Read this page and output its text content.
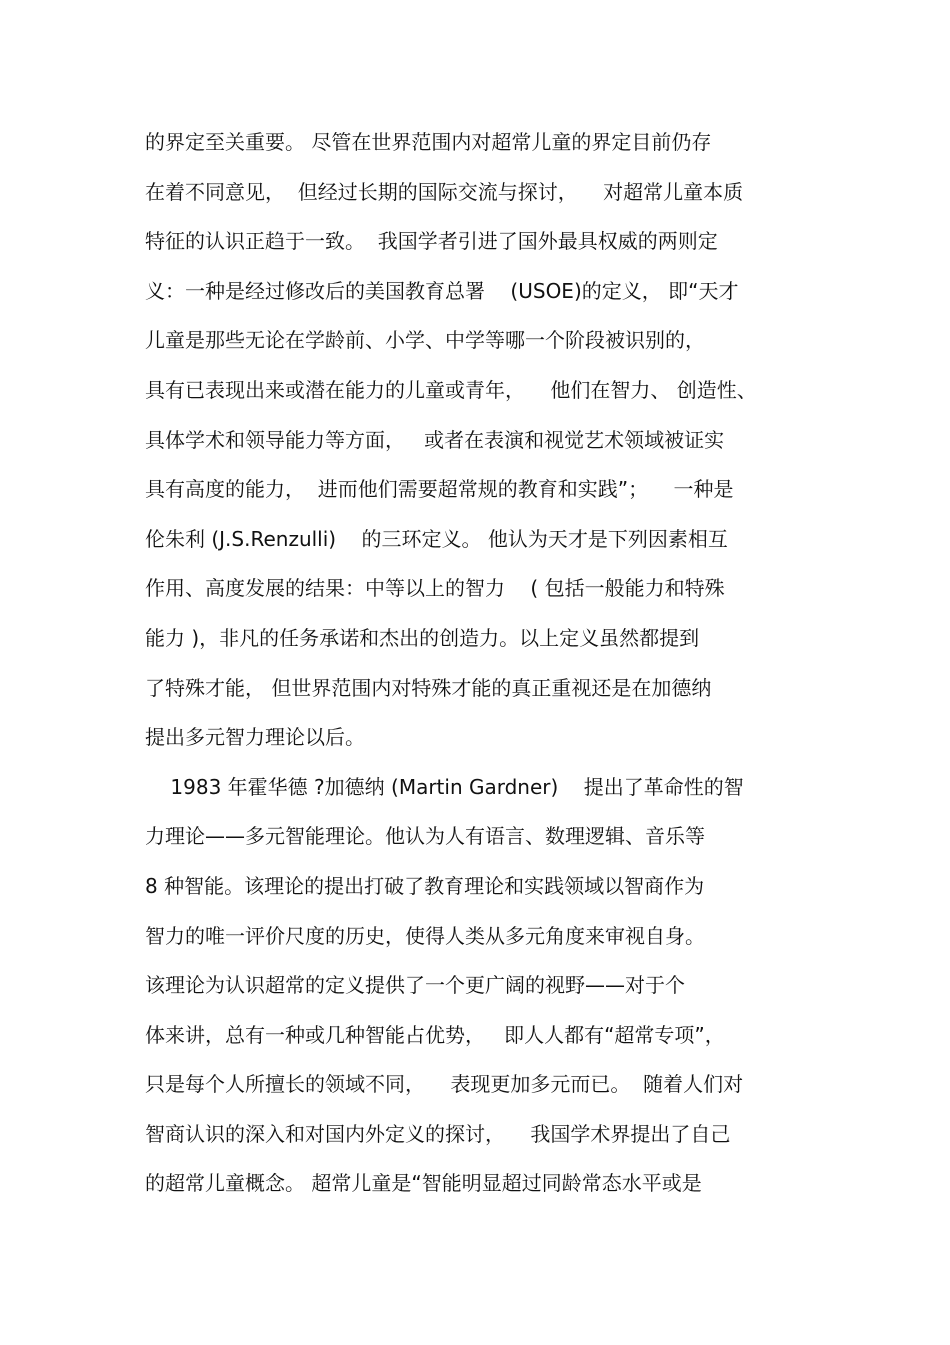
的界定至关重要。 尽管在世界范围内对超常儿童的界定目前仍存
在着不同意见，  但经过长期的国际交流与探讨，    对超常儿童本质
特征的认识正趋于一致。  我国学者引进了国外最具权威的两则定
义：一种是经过修改后的美国教育总署    (USOE)的定义， 即“天才
儿童是那些无论在学龄前、小学、中学等哪一个阶段被识别的，
具有已表现出来或潜在能力的儿童或青年，    他们在智力、 创造性、
具体学术和领导能力等方面，   或者在表演和视觉艺术领域被证实
具有高度的能力，  进而他们需要超常规的教育和实践”；    一种是
伦朱利 (J.S.Renzulli)    的三环定义。 他认为天才是下列因素相互
作用、高度发展的结果：中等以上的智力    ( 包括一般能力和特殊
能力 )，非凡的任务承诺和杰出的创造力。以上定义虽然都提到
了特殊才能， 但世界范围内对特殊才能的真正重视还是在加德纳
提出多元智力理论以后。
1983 年霍华德 ?加德纳 (Martin Gardner)    提出了革命性的智
力理论——多元智能理论。他认为人有语言、数理逻辑、音乐等
8 种智能。该理论的提出打破了教育理论和实践领域以智商作为
智力的唯一评价尺度的历史，使得人类从多元角度来审视自身。
该理论为认识超常的定义提供了一个更广阔的视野——对于个
体来讲，总有一种或几种智能占优势，   即人人都有“超常专项”，
只是每个人所擅长的领域不同，    表现更加多元而已。  随着人们对
智商认识的深入和对国内外定义的探讨，    我国学术界提出了自己
的超常儿童概念。 超常儿童是“智能明显超过同龄常态水平或是
